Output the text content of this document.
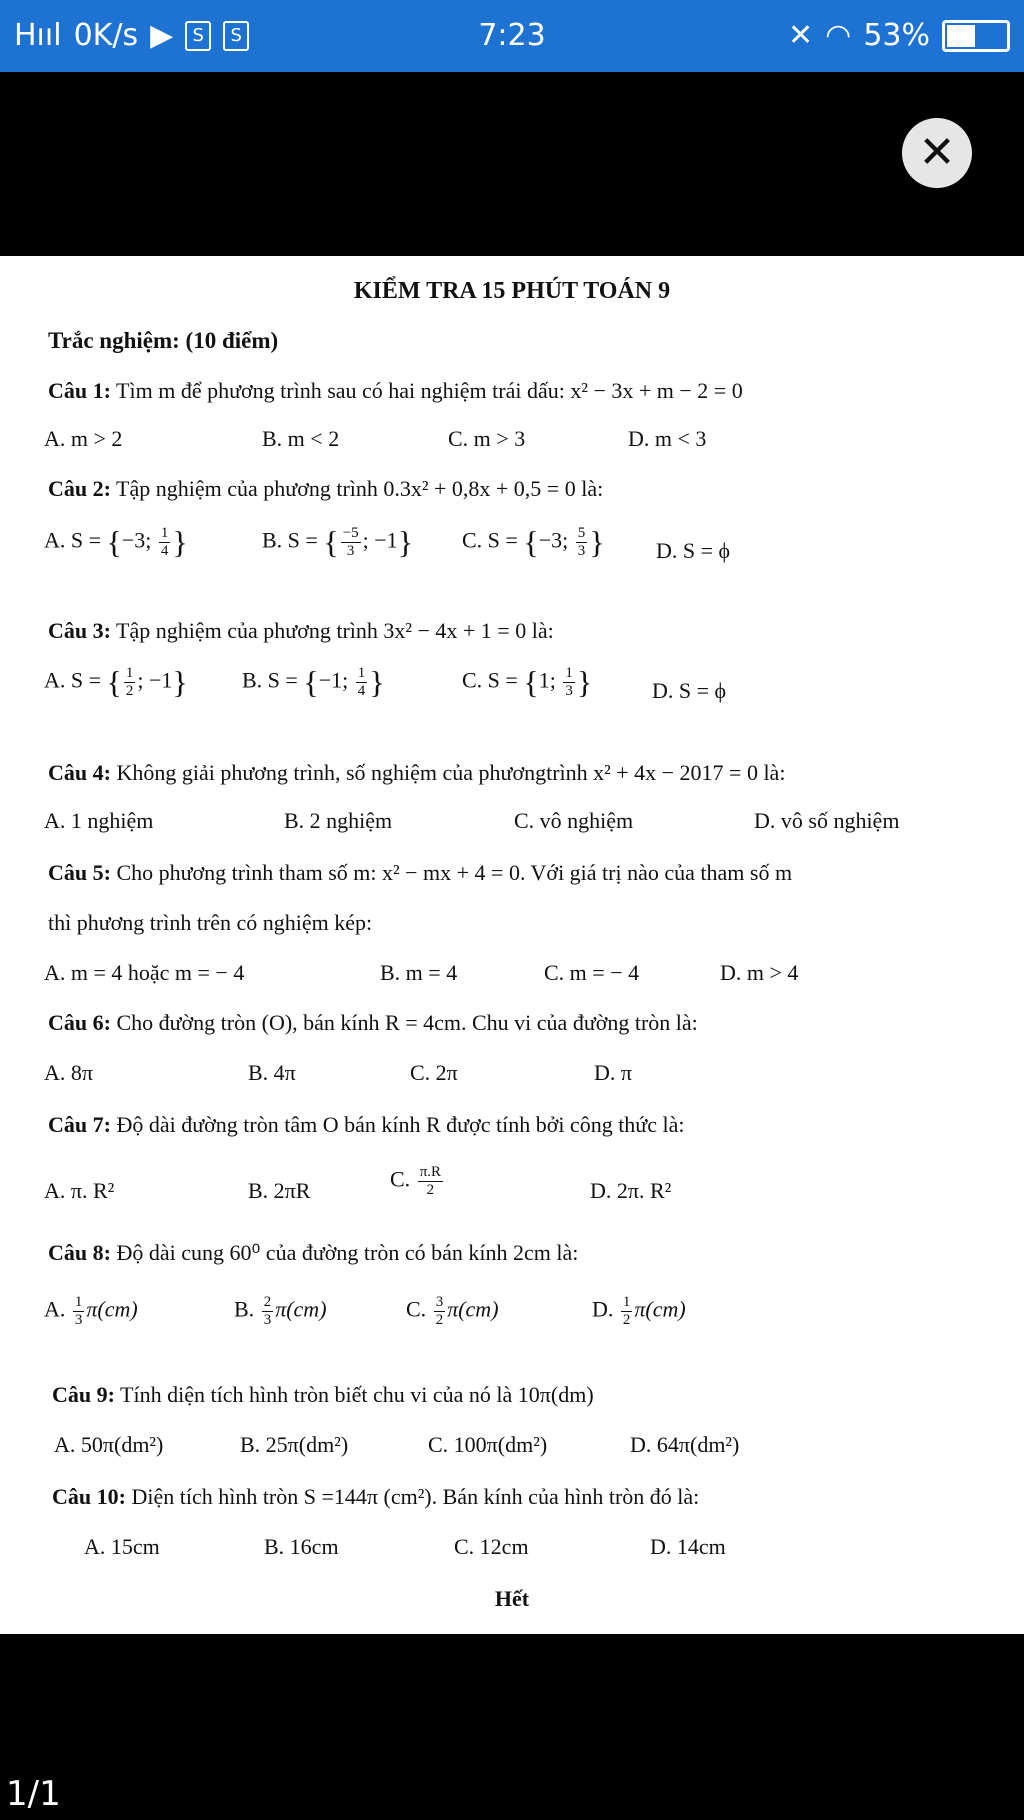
Hııl 0K/s ▶	S	S	7:23	✕ ◠ 53%
✕
KIỂM TRA 15 PHÚT TOÁN 9
Trắc nghiệm: (10 điểm)
Câu 1: Tìm m để phương trình sau có hai nghiệm trái dấu: x² − 3x + m − 2 = 0
A. m > 2	B. m < 2	C. m > 3	D. m < 3
Câu 2: Tập nghiệm của phương trình 0.3x² + 0,8x + 0,5 = 0 là:
A. S = {−3; $\frac{1}{4}$ }	B. S = { $\frac{-5}{3}$ ; −1} C. S = {−3; $\frac{5}{3}$ } D. S = ϕ
Câu 3: Tập nghiệm của phương trình 3x² − 4x + 1 = 0 là:
A. S = { $\frac{1}{2}$ ; −1} B. S = {−1; $\frac{1}{4}$ }	C. S = {1; $\frac{1}{3}$ }	D. S = ϕ
Câu 4: Không giải phương trình, số nghiệm của phươngtrình x² + 4x − 2017 = 0 là:
A. 1 nghiệm	B. 2 nghiệm	C. vô nghiệm	D. vô số nghiệm
Câu 5: Cho phương trình tham số m: x² − mx + 4 = 0. Với giá trị nào của tham số m
thì phương trình trên có nghiệm kép:
A. m = 4 hoặc m = − 4	B. m = 4	C. m = − 4	D. m > 4
Câu 6: Cho đường tròn (O), bán kính R = 4cm. Chu vi của đường tròn là:
A. 8π	B. 4π	C. 2π	D. π
Câu 7: Độ dài đường tròn tâm O bán kính R được tính bởi công thức là:
A. π. R²	B. 2πR	C. $\frac{\pi.R}{2}$	D. 2π. R²
Câu 8: Độ dài cung 60⁰ của đường tròn có bán kính 2cm là:
A. $\frac{1}{3} \pi(cm)$	B. $\frac{2}{3} \pi(cm)$	C. $\frac{3}{2} \pi(cm)$	D. $\frac{1}{2} \pi(cm)$
Câu 9: Tính diện tích hình tròn biết chu vi của nó là 10π(dm)
A. 50π(dm²)	B. 25π(dm²)	C. 100π(dm²)	D. 64π(dm²)
Câu 10: Diện tích hình tròn S =144π (cm²). Bán kính của hình tròn đó là:
A. 15cm	B. 16cm	C. 12cm	D. 14cm
Hết
1/1
